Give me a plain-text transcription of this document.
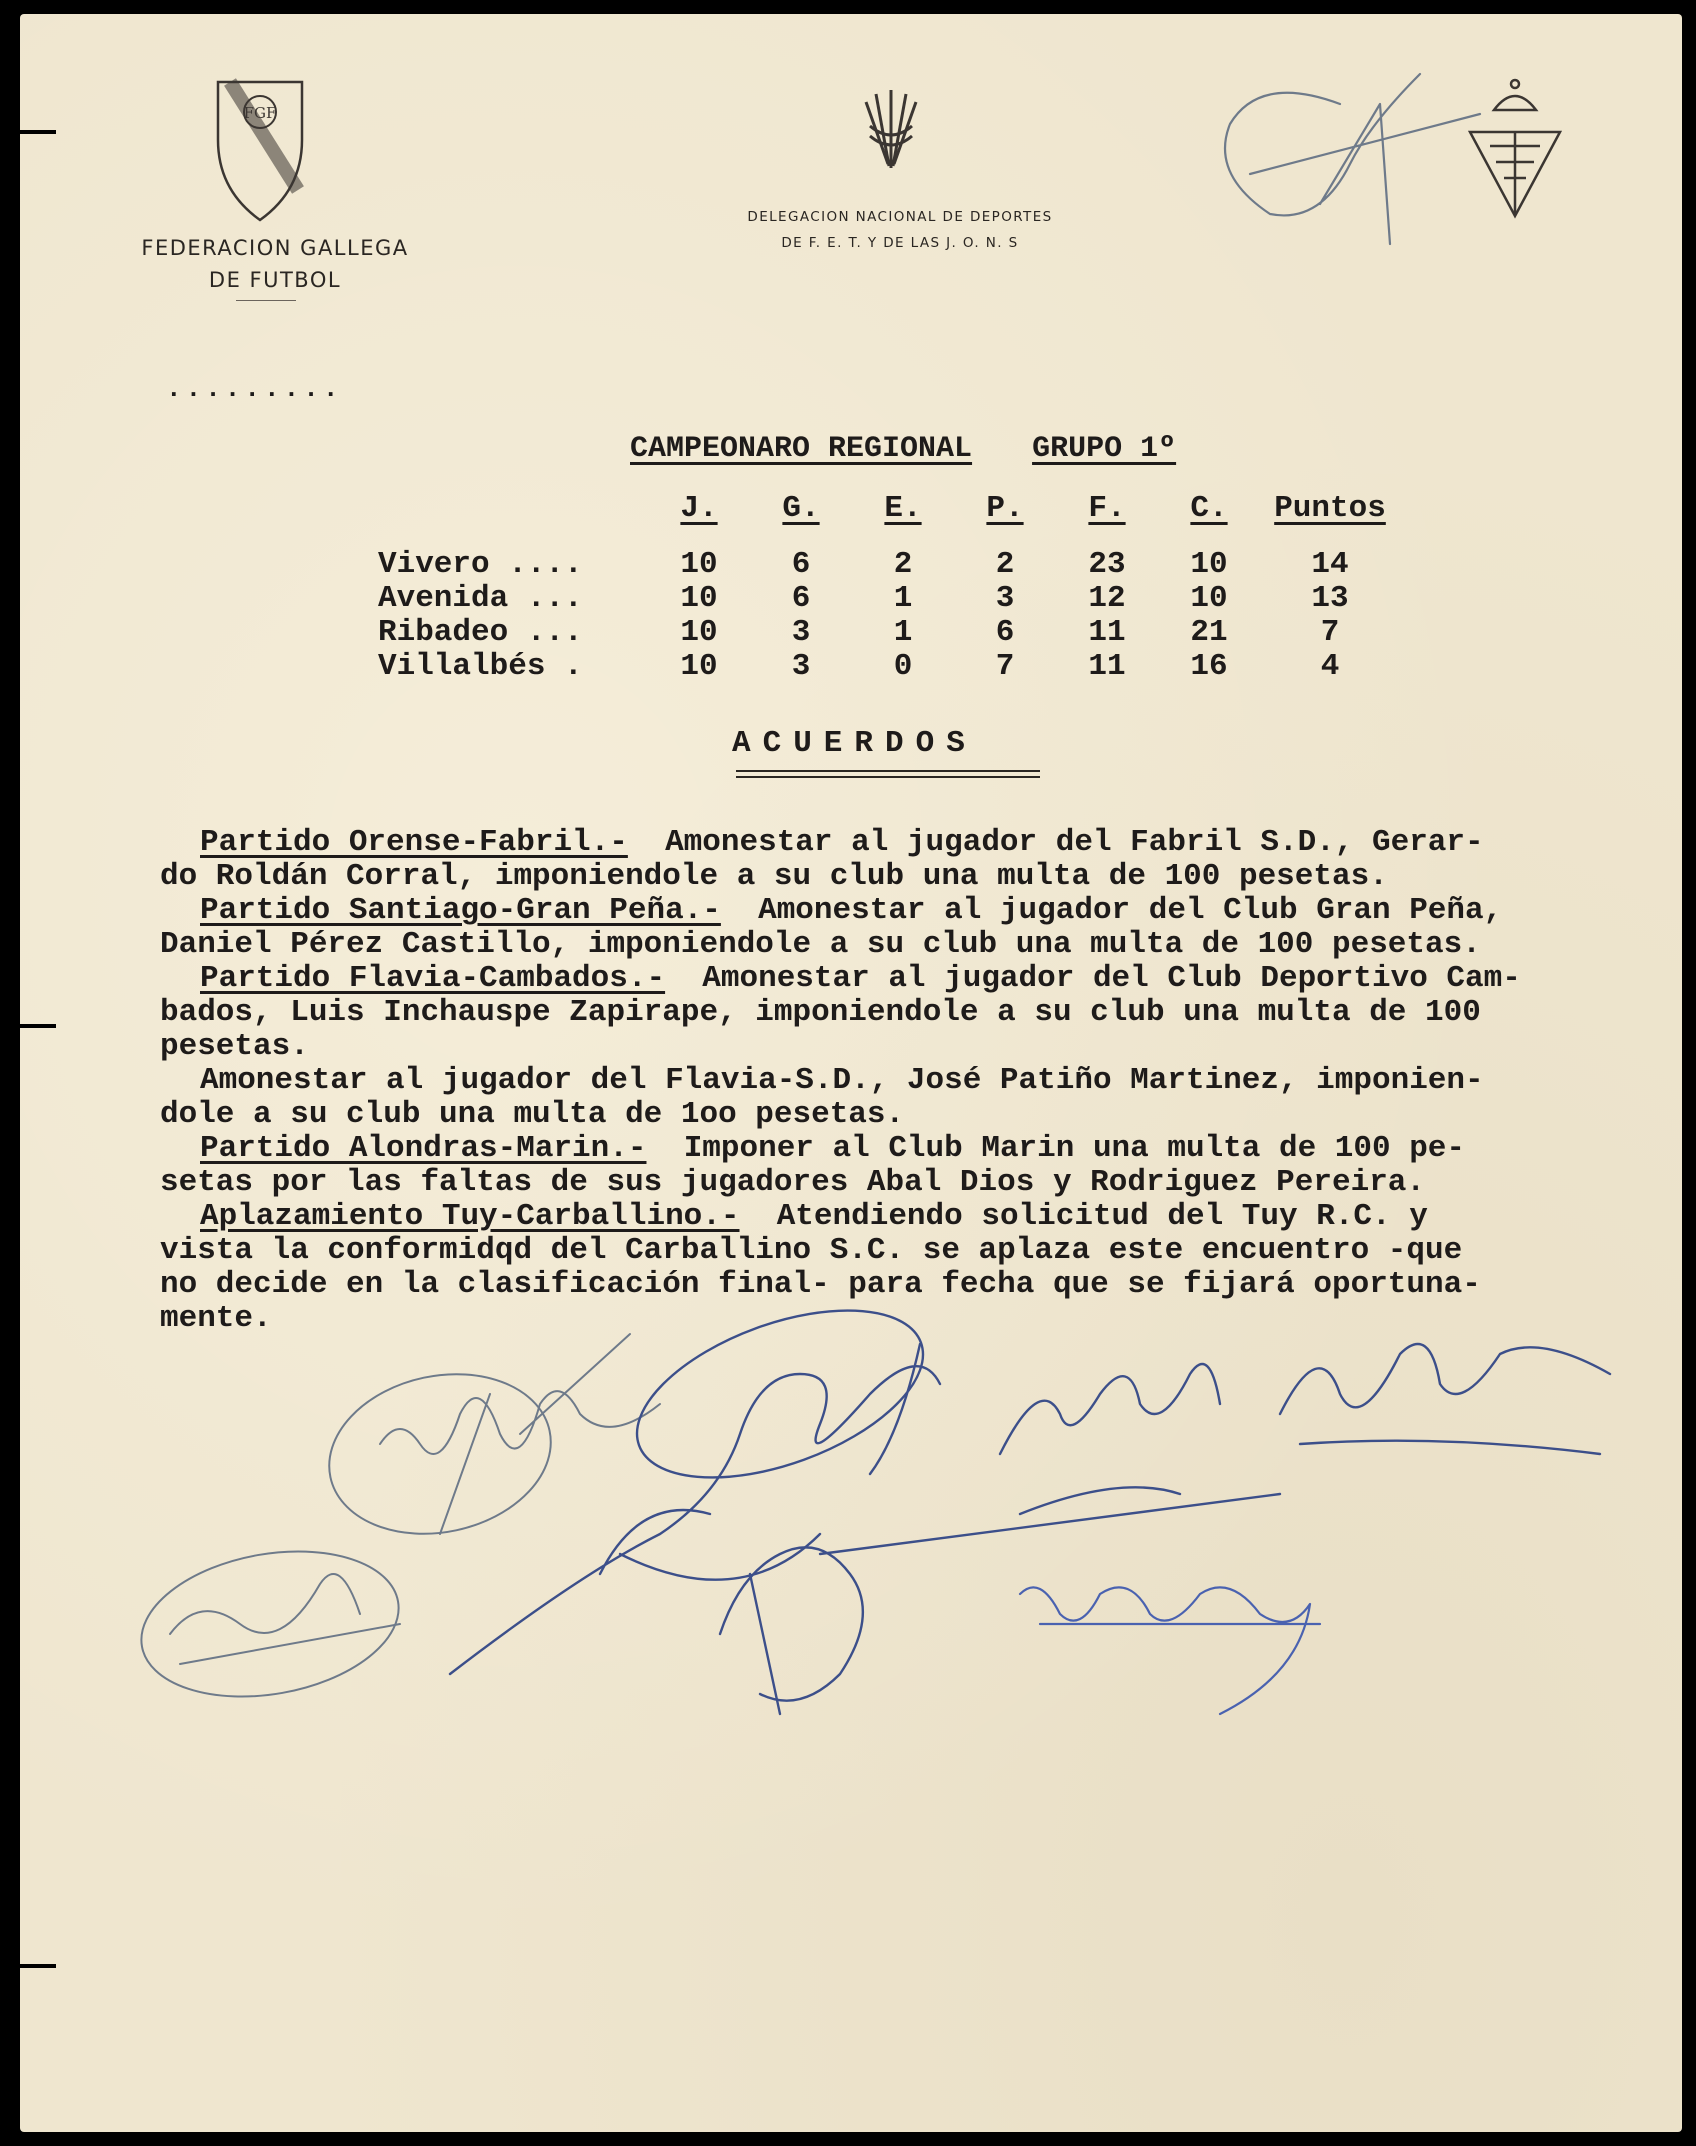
FGF
FEDERACION GALLEGA
DE FUTBOL
DELEGACION NACIONAL DE DEPORTES
DE F. E. T. Y DE LAS J. O. N. S
.........
CAMPEONARO REGIONAL GRUPO 1º
	J.	G.	E.	P.	F.	C.	Puntos
Vivero ....	10	6	2	2	23	10	14
Avenida ...	10	6	1	3	12	10	13
Ribadeo ...	10	3	1	6	11	21	7
Villalbés .	10	3	0	7	11	16	4
ACUERDOS
Partido Orense-Fabril.-  Amonestar al jugador del Fabril S.D., Gerar-
do Roldán Corral, imponiendole a su club una multa de 100 pesetas.
Partido Santiago-Gran Peña.-  Amonestar al jugador del Club Gran Peña,
Daniel Pérez Castillo, imponiendole a su club una multa de 100 pesetas.
Partido Flavia-Cambados.-  Amonestar al jugador del Club Deportivo Cam-
bados, Luis Inchauspe Zapirape, imponiendole a su club una multa de 100
pesetas.
Amonestar al jugador del Flavia-S.D., José Patiño Martinez, imponien-
dole a su club una multa de 1oo pesetas.
Partido Alondras-Marin.-  Imponer al Club Marin una multa de 100 pe-
setas por las faltas de sus jugadores Abal Dios y Rodriguez Pereira.
Aplazamiento Tuy-Carballino.-  Atendiendo solicitud del Tuy R.C. y
vista la conformidqd del Carballino S.C. se aplaza este encuentro -que
no decide en la clasificación final- para fecha que se fijará oportuna-
mente.
